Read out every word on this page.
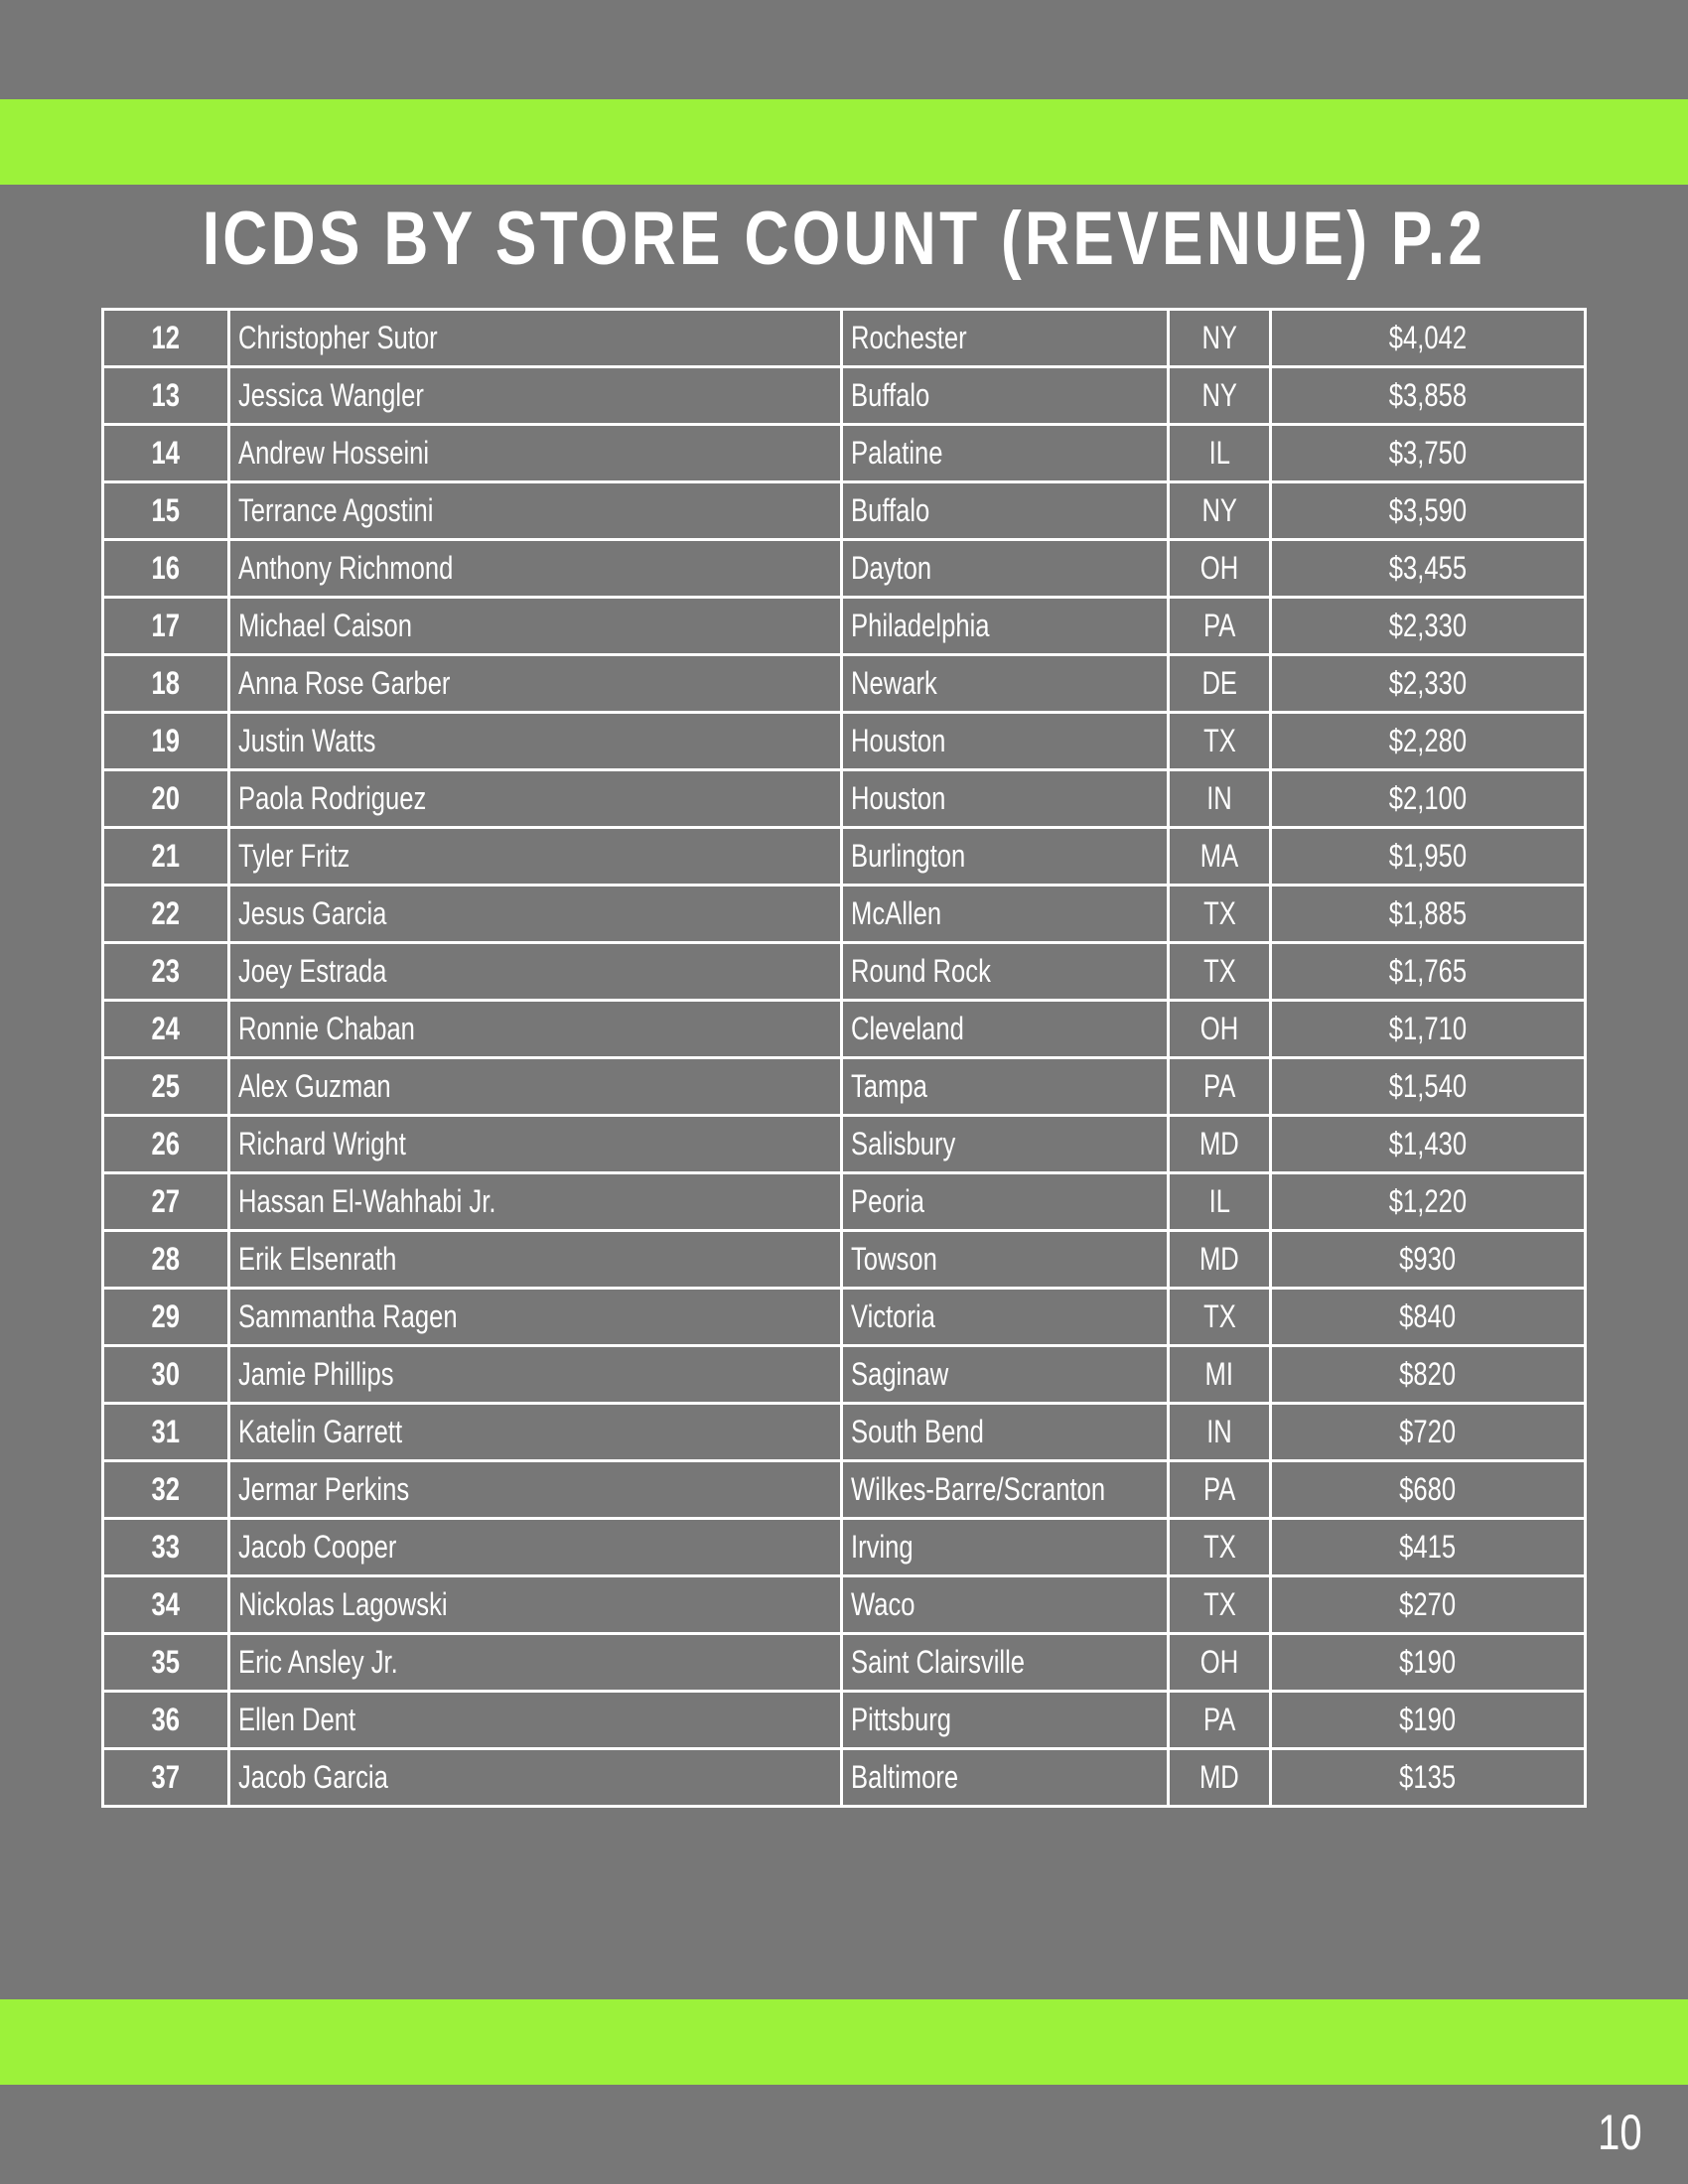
ICDS BY STORE COUNT (REVENUE) P.2
12	Christopher Sutor	Rochester	NY	$4,042
13	Jessica Wangler	Buffalo	NY	$3,858
14	Andrew Hosseini	Palatine	IL	$3,750
15	Terrance Agostini	Buffalo	NY	$3,590
16	Anthony Richmond	Dayton	OH	$3,455
17	Michael Caison	Philadelphia	PA	$2,330
18	Anna Rose Garber	Newark	DE	$2,330
19	Justin Watts	Houston	TX	$2,280
20	Paola Rodriguez	Houston	IN	$2,100
21	Tyler Fritz	Burlington	MA	$1,950
22	Jesus Garcia	McAllen	TX	$1,885
23	Joey Estrada	Round Rock	TX	$1,765
24	Ronnie Chaban	Cleveland	OH	$1,710
25	Alex Guzman	Tampa	PA	$1,540
26	Richard Wright	Salisbury	MD	$1,430
27	Hassan El-Wahhabi Jr.	Peoria	IL	$1,220
28	Erik Elsenrath	Towson	MD	$930
29	Sammantha Ragen	Victoria	TX	$840
30	Jamie Phillips	Saginaw	MI	$820
31	Katelin Garrett	South Bend	IN	$720
32	Jermar Perkins	Wilkes-Barre/Scranton	PA	$680
33	Jacob Cooper	Irving	TX	$415
34	Nickolas Lagowski	Waco	TX	$270
35	Eric Ansley Jr.	Saint Clairsville	OH	$190
36	Ellen Dent	Pittsburg	PA	$190
37	Jacob Garcia	Baltimore	MD	$135
10
